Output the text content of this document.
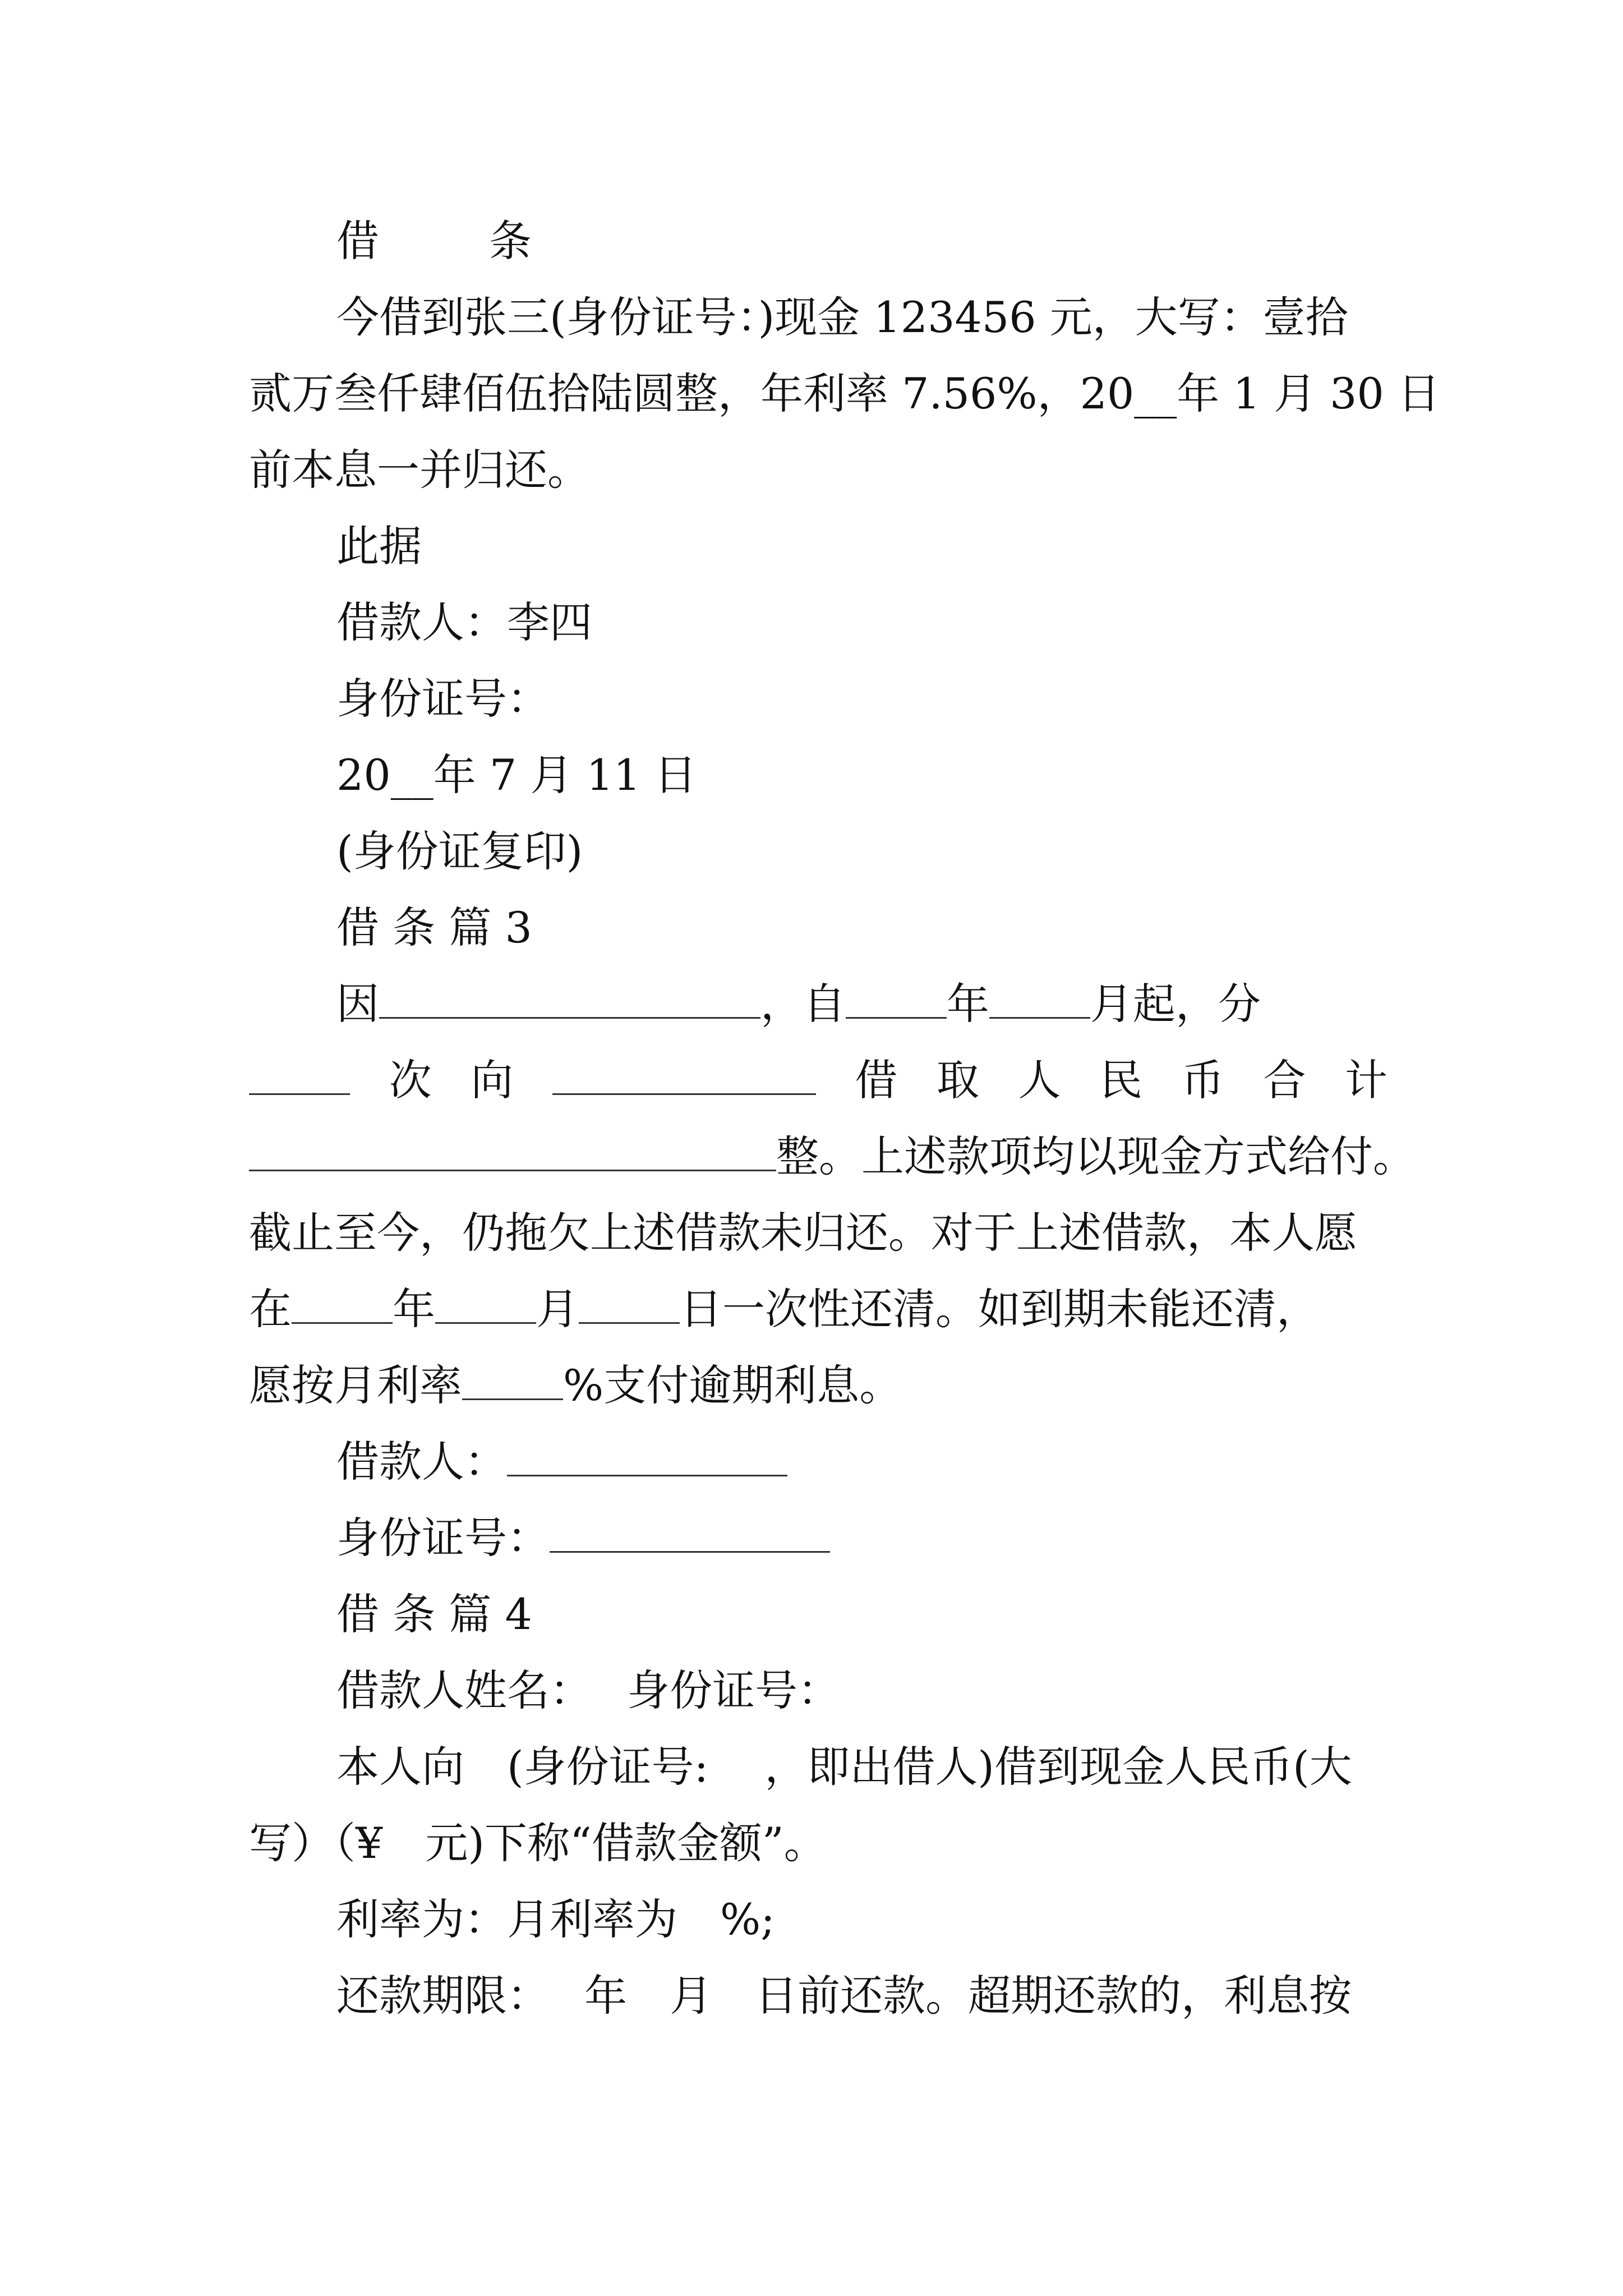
借　条
今借到张三(身份证号：)现金 123456 元，大写：壹拾
贰万叁仟肆佰伍拾陆圆整，年利率 7.56%，20__年 1 月 30 日
前本息一并归还。
此据
借款人：李四
身份证号：
20__年 7 月 11 日
(身份证复印)
借 条 篇 3
因	，自 年 月起，分
次 向	借 取 人 民 币 合 计
整。上述款项均以现金方式给付。
截止至今，仍拖欠上述借款未归还。对于上述借款，本人愿
在 年 月 日一次性还清。如到期未能还清，
愿按月利率 %支付逾期利息。
借款人：
身份证号：
借 条 篇 4
借款人姓名：　 身份证号：
本人向　(身份证号:　 ，即出借人)借到现金人民币(大
写）（¥　元)下称“借款金额”。
利率为：月利率为　%;
还款期限：　 年　月　日前还款。超期还款的，利息按
